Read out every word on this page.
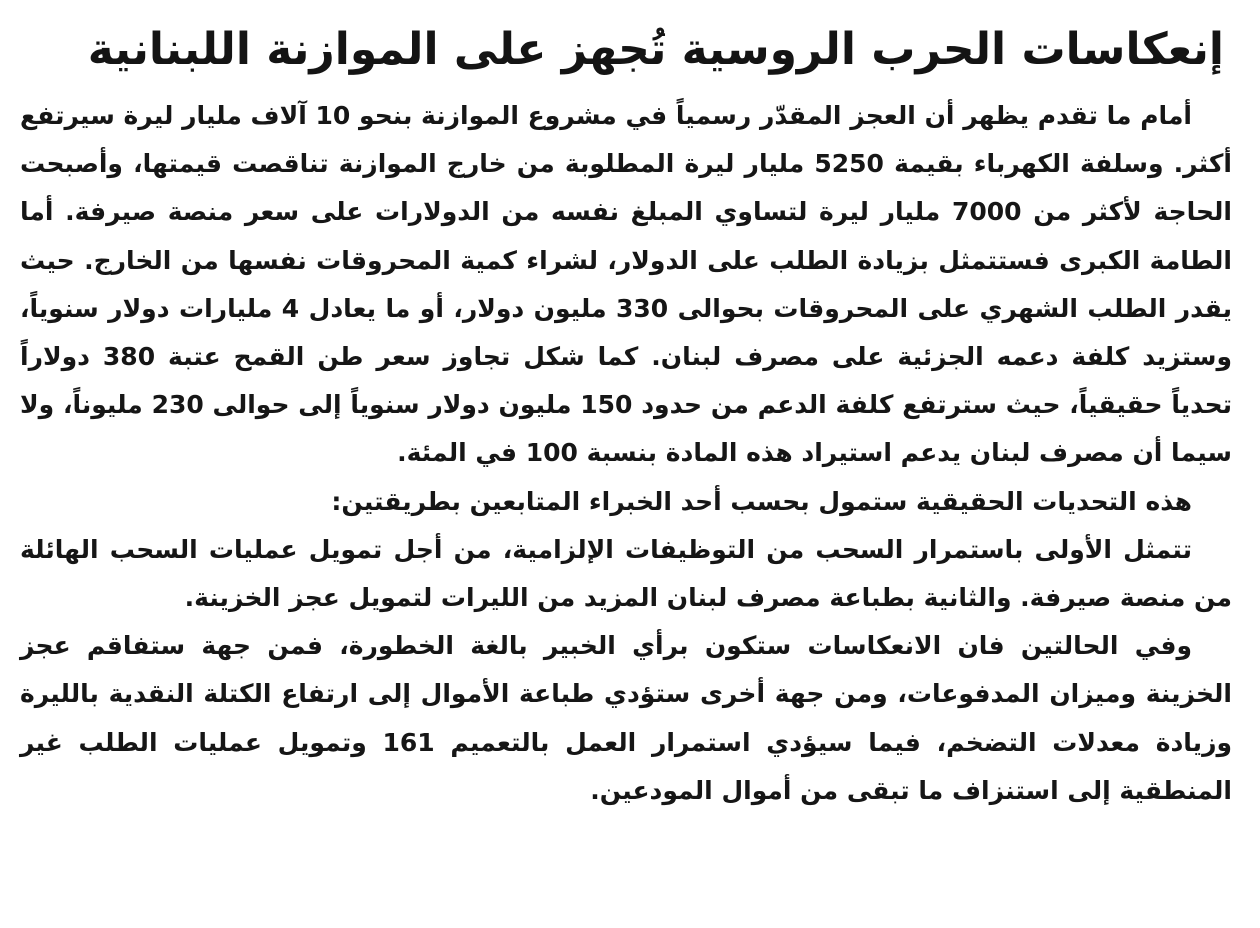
إنعكاسات الحرب الروسية تُجهز على الموازنة اللبنانية

أمام ما تقدم يظهر أن العجز المقدّر رسمياً في مشروع الموازنة بنحو 10 آلاف مليار ليرة سيرتفع أكثر. وسلفة الكهرباء بقيمة 5250 مليار ليرة المطلوبة من خارج الموازنة تناقصت قيمتها، وأصبحت الحاجة لأكثر من 7000 مليار ليرة لتساوي المبلغ نفسه من الدولارات على سعر منصة صيرفة. أما الطامة الكبرى فستتمثل بزيادة الطلب على الدولار، لشراء كمية المحروقات نفسها من الخارج. حيث يقدر الطلب الشهري على المحروقات بحوالى 330 مليون دولار، أو ما يعادل 4 مليارات دولار سنوياً، وستزيد كلفة دعمه الجزئية على مصرف لبنان. كما شكل تجاوز سعر طن القمح عتبة 380 دولاراً تحدياً حقيقياً، حيث سترتفع كلفة الدعم من حدود 150 مليون دولار سنوياً إلى حوالى 230 مليوناً، ولا سيما أن مصرف لبنان يدعم استيراد هذه المادة بنسبة 100 في المئة.

هذه التحديات الحقيقية ستمول بحسب أحد الخبراء المتابعين بطريقتين:

تتمثل الأولى باستمرار السحب من التوظيفات الإلزامية، من أجل تمويل عمليات السحب الهائلة من منصة صيرفة. والثانية بطباعة مصرف لبنان المزيد من الليرات لتمويل عجز الخزينة.

وفي الحالتين فان الانعكاسات ستكون برأي الخبير بالغة الخطورة، فمن جهة ستفاقم عجز الخزينة وميزان المدفوعات، ومن جهة أخرى ستؤدي طباعة الأموال إلى ارتفاع الكتلة النقدية بالليرة وزيادة معدلات التضخم، فيما سيؤدي استمرار العمل بالتعميم 161 وتمويل عمليات الطلب غير المنطقية إلى استنزاف ما تبقى من أموال المودعين.
